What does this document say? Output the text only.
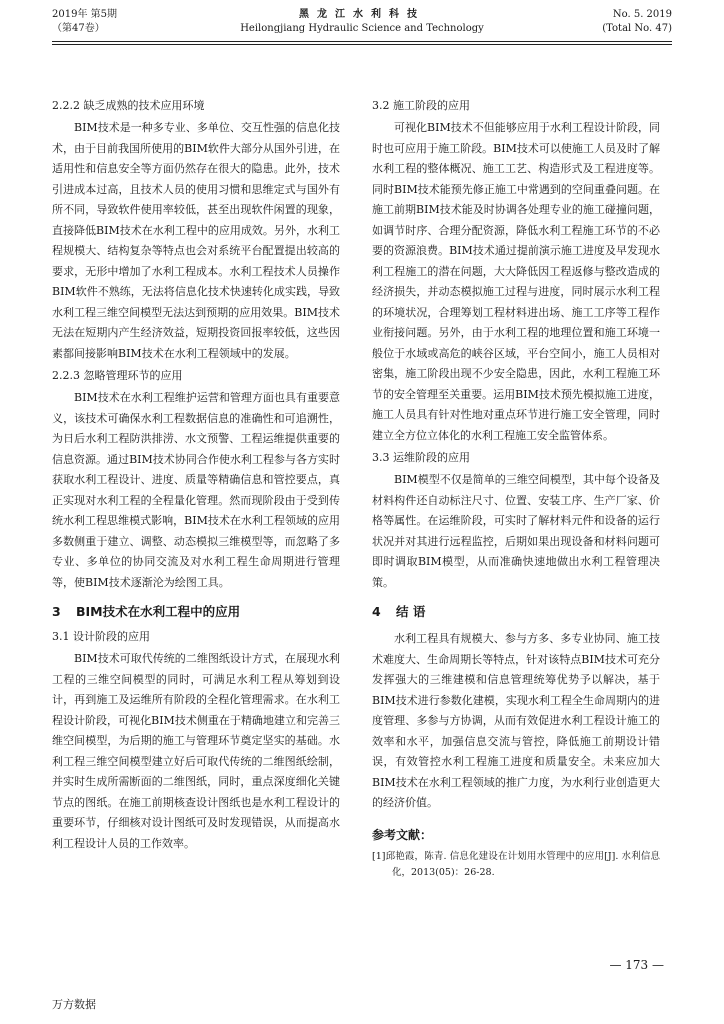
2019年 第5期
（第47卷）
黑龙江水利科技
Heilongjiang Hydraulic Science and Technology
No. 5. 2019
(Total No. 47)
2.2.2 缺乏成熟的技术应用环境

BIM技术是一种多专业、多单位、交互性强的信息化技术，由于目前我国所使用的BIM软件大部分从国外引进，在适用性和信息安全等方面仍然存在很大的隐患。此外，技术引进成本过高，且技术人员的使用习惯和思维定式与国外有所不同，导致软件使用率较低，甚至出现软件闲置的现象，直接降低BIM技术在水利工程中的应用成效。另外，水利工程规模大、结构复杂等特点也会对系统平台配置提出较高的要求，无形中增加了水利工程成本。水利工程技术人员操作BIM软件不熟练，无法将信息化技术快速转化成实践，导致水利工程三维空间模型无法达到预期的应用效果。BIM技术无法在短期内产生经济效益，短期投资回报率较低，这些因素都间接影响BIM技术在水利工程领域中的发展。

2.2.3 忽略管理环节的应用

BIM技术在水利工程维护运营和管理方面也具有重要意义，该技术可确保水利工程数据信息的准确性和可追溯性，为日后水利工程防洪排涝、水文预警、工程运维提供重要的信息资源。通过BIM技术协同合作使水利工程参与各方实时获取水利工程设计、进度、质量等精确信息和管控要点，真正实现对水利工程的全程量化管理。然而现阶段由于受到传统水利工程思维模式影响，BIM技术在水利工程领域的应用多数侧重于建立、调整、动态模拟三维模型等，而忽略了多专业、多单位的协同交流及对水利工程生命周期进行管理等，使BIM技术逐渐沦为绘图工具。

3 BIM技术在水利工程中的应用
3.1 设计阶段的应用

BIM技术可取代传统的二维图纸设计方式，在展现水利工程的三维空间模型的同时，可满足水利工程从筹划到设计，再到施工及运维所有阶段的全程化管理需求。在水利工程设计阶段，可视化BIM技术侧重在于精确地建立和完善三维空间模型，为后期的施工与管理环节奠定坚实的基础。水利工程三维空间模型建立好后可取代传统的二维图纸绘制，并实时生成所需断面的二维图纸，同时，重点深度细化关键节点的图纸。在施工前期核查设计图纸也是水利工程设计的重要环节，仔细核对设计图纸可及时发现错误，从而提高水利工程设计人员的工作效率。

3.2 施工阶段的应用

可视化BIM技术不但能够应用于水利工程设计阶段，同时也可应用于施工阶段。BIM技术可以使施工人员及时了解水利工程的整体概况、施工工艺、构造形式及工程进度等。同时BIM技术能预先修正施工中常遇到的空间重叠问题。在施工前期BIM技术能及时协调各处理专业的施工碰撞问题，如调节时序、合理分配资源，降低水利工程施工环节的不必要的资源浪费。BIM技术通过提前演示施工进度及早发现水利工程施工的潜在问题，大大降低因工程返修与整改造成的经济损失，并动态模拟施工过程与进度，同时展示水利工程的环境状况，合理筹划工程材料进出场、施工工序等工程作业衔接问题。另外，由于水利工程的地理位置和施工环境一般位于水域或高危的峡谷区域，平台空间小，施工人员相对密集，施工阶段出现不少安全隐患，因此，水利工程施工环节的安全管理至关重要。运用BIM技术预先模拟施工进度，施工人员具有针对性地对重点环节进行施工安全管理，同时建立全方位立体化的水利工程施工安全监管体系。

3.3 运维阶段的应用

BIM模型不仅是简单的三维空间模型，其中每个设备及材料构件还自动标注尺寸、位置、安装工序、生产厂家、价格等属性。在运维阶段，可实时了解材料元件和设备的运行状况并对其进行远程监控，后期如果出现设备和材料问题可即时调取BIM模型，从而准确快速地做出水利工程管理决策。

4 结 语

水利工程具有规模大、参与方多、多专业协同、施工技术难度大、生命周期长等特点，针对该特点BIM技术可充分发挥强大的三维建模和信息管理统筹优势予以解决，基于BIM技术进行参数化建模，实现水利工程全生命周期内的进度管理、多参与方协调，从而有效促进水利工程设计施工的效率和水平，加强信息交流与管控，降低施工前期设计错误，有效管控水利工程施工进度和质量安全。未来应加大BIM技术在水利工程领域的推广力度，为水利行业创造更大的经济价值。

参考文献：

[1]邱艳霞，陈青. 信息化建设在计划用水管理中的应用[J]. 水利信息化，2013(05)：26-28.

— 173 —
万方数据
